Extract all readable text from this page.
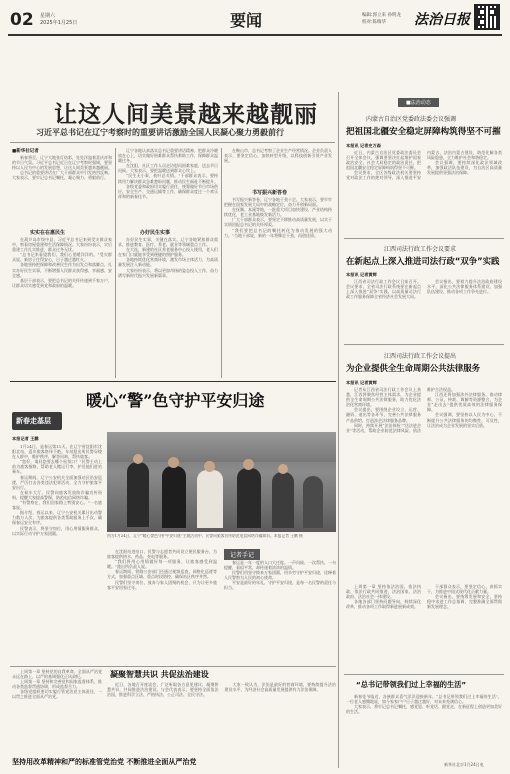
02 星期六
2025年1月25日	要闻	编辑:郭立来 孙明龙
校对:陈梅华 法治日报
让这人间美景越来越靓丽
习近平总书记在辽宁考察时的重要讲话激励全国人民凝心聚力勇毅前行
■新华社记者
新春将至，辽宁大地张灯结彩，处处洋溢着喜庆祥和的节日气氛。习近平总书记近日在辽宁考察时强调，要坚持以人民为中心的发展思想，让这人间美景越来越靓丽。
总书记的重要讲话在广大干部群众中引发热烈反响。大家表示，要牢记总书记嘱托，凝心聚力、勇毅前行。
实实在在惠民生
在葫芦岛市绥中县，习近平总书记来到受灾群众家中，察看房屋重建和生活保障情况。大家纷纷表示，灾后重建工作扎实推进，群众过冬无忧。
“总书记来看望我们，我们心里暖洋洋的。”受灾群众说。新房子住得安心，日子越过越红火。
各地坚持把保障和改善民生作为出发点和落脚点，扎实办好民生实事，不断增强人民群众获得感、幸福感、安全感。
基层干部表示，要把总书记的关怀传递到千家万户，让群众切实感受到党和政府的温暖。
辽宁各地认真落实总书记重要讲话精神，把群众冷暖放在心上，切实做好困难群众帮扶救助工作，保障群众温暖过冬。
在沈阳，社区工作人员走访慰问困难家庭，送去节日问候。大家表示，要把温暖送到群众心坎上。
“民生无小事，枝叶总关情。”干部群众表示，要持续用力解决群众急难愁盼问题，推动民生福祉不断提升。
各级党委和政府切实履行责任，统筹做好节日市场供应、安全生产、交通运输等工作，确保群众度过一个欢乐祥和的新春佳节。
办好民生实事
办好民生实事，关键在落实。辽宁各地紧扣群众需求，推进教育、医疗、养老、就业等领域重点工作。
在大连，新建的社区养老服务中心投入使用，老人们在家门口就能享受到便捷的照护服务。
各地持续优化营商环境，激发市场主体活力，为高质量发展注入新动能。
大家纷纷表示，将以更加昂扬的姿态投入工作，奋力谱写新时代振兴发展新篇章。
在鞍山市，总书记考察了企业生产经营情况。企业负责人表示，要坚定信心，加快转型升级，以科技创新引领产业发展。
书写振兴新答卷
书写振兴新答卷，辽宁各地干劲十足。大家表示，要牢牢把握在国家发展大局中的战略定位，奋力开创新局面。
在抚顺、本溪等地，一批重大项目加快建设，产业结构持续优化，老工业基地焕发新活力。
广大干部群众表示，要坚定不移推动高质量发展，以实干实绩回报总书记的关怀厚爱。
“我们要把总书记的嘱托转化为推动发展的强大动力。”当地干部说，新的一年将铆足干劲，再创佳绩。
■法治动态
内蒙古自治区党委政法委会议强调
把祖国北疆安全稳定屏障构筑得坚不可摧
本报讯 记者史万森
近日，内蒙古自治区党委政法委员会召开全体会议，强调要坚决扛起维护国家政治安全、社会大局稳定的政治责任，把祖国北疆安全稳定屏障构筑得坚不可摧。
会议要求，全区各级政法机关要坚持党对政法工作的绝对领导，深入推进平安内蒙古、法治内蒙古建设，防范化解各类风险隐患，全力维护社会和谐稳定。
会议强调，要持续深化政法领域改革，加强政法队伍建设，为自治区高质量发展提供坚强法治保障。
江西司法行政工作会议要求
在新起点上深入推进司法行政“双争”实践
本报讯 记者黄辉
江西省司法行政工作会议日前召开。会议要求，全省司法行政系统要在新起点上深入推进“双争”实践，以高质量司法行政工作服务保障全省经济社会发展大局。
会议指出，要着力提升法治政府建设水平，深化公共法律服务体系建设，加强队伍建设，推动各项工作争先进位。
江西司法行政工作会议提出
为企业提供全生命周期公共法律服务
本报讯 记者黄辉
记者从江西省司法行政工作会议上获悉，江西将聚焦经营主体需求，为企业提供全生命周期公共法律服务，助力优化法治化营商环境。
会议提出，要围绕企业设立、运营、融资、退出等各环节，完善公共法律服务产品供给，打造涉企法律服务品牌。
同时，持续开展“法治体检”“送法进企业”等活动，帮助企业防范法律风险，依法维护合法权益。
江西还将加强涉外法律服务，推动律师、公证、仲裁、调解等资源整合，为企业“走出去”提供优质高效的法律服务保障。
会议强调，要坚持以人民为中心，不断提升公共法律服务的均衡性、可及性，让法治成为企业发展的坚实后盾。
暖心“警”色守护平安归途
新春走基层
本报记者 王鹏
1月24日，是春运第11天。在辽宁省沈阳市沈阳北站，返乡旅客络绎不绝。车站派出所民警穿梭在人群中，维护秩序、解答问询、帮扶旅客。
“您好，请问您要去哪个检票口？”民警主动上前为旅客指路，帮助老人搬运行李，护送他们进站乘车。
春运期间，辽宁公安机关全面加强站区治安巡逻，严厉打击各类违法犯罪活动，全力守护旅客平安出行。
在候车大厅，民警向旅客发放防诈骗宣传资料，提醒大家提高警惕，防范电信网络诈骗。
“有警察在，我们回家路上特别安心。”一名旅客说。
据介绍，春运以来，辽宁公安机关累计出动警力数万人次，为旅客提供各类帮助服务上千次，确保春运安全有序。
民警表示，将坚守岗位，用心用情服务群众，以实际行动守护万家团圆。	图为1月24日，辽宁“暖心警色守护平安归途”主题活动中，民警向旅客宣传防范电信网络诈骗知识。本报记者 王鹏 摄
在沈阳站进站口，民警与志愿者共同设立便民服务台，为旅客提供热水、药品、充电等服务。
“我们将用心用情做好每一项服务，让旅客感受到温暖。”派出所负责人说。
春运期间，铁路公安部门还通过视频巡查、网格化巡逻等方式，加强重点区域、重点时段防控，确保站区秩序井然。
民警们坚守岗位，放弃与家人团聚的机会，只为让更多旅客平安回家过年。
记者手记
春运是一年一度的人口大迁徙。一声问候、一次帮扶、一句提醒，看似平常，却传递着浓浓的温情。
民警们用坚守换来万家团圆，用辛劳守护平安归途，诠释着人民警察为人民的初心使命。
平安是最好的年礼。守护平安归途，是每一名民警的责任与担当。
凝聚智慧共识 共促法治建设
近日，各地召开座谈会，广泛听取各方意见建议，凝聚智慧共识，共同推进法治建设。与会代表表示，要坚持全面依法治国，推进科学立法、严格执法、公正司法、全民守法。
大家一致认为，法治是最好的营商环境，要持续提升法治建设水平，为经济社会高质量发展提供有力法治保障。
上周第一章 坚持党的自我革命，全面从严治党永远在路上，以严的基调强化正风肃纪。
上周第一章 坚持和完善党和国家监督体系，推动各类监督贯通协调，形成监督合力。
各级党组织要切实履行管党治党主体责任，一以贯之推进全面从严治党。
坚持用改革精神和严的标准管党治党 不断推进全面从严治党
上周第一章 坚持依法治国、依法执政、依法行政共同推进，法治国家、法治政府、法治社会一体建设。
各地各部门坚持问题导向，持续深化改革，推动各项工作取得新进展新成效。
干部群众表示，要坚定信心、真抓实干，为推进中国式现代化贡献力量。
会议指出，要统筹发展和安全，坚持稳中求进工作总基调，完整准确全面贯彻新发展理念。
“总书记带领我们过上幸福的生活”
新春佳节临近，各族群众喜气洋洋迎接新年。“总书记带领我们过上幸福的生活”，一位老人感慨地说，如今家家户户日子越过越好，对未来充满信心。
大家表示，将牢记总书记嘱托，感党恩、听党话、跟党走，在新征程上创造更加美好的生活。
新华社北京1月24日电
